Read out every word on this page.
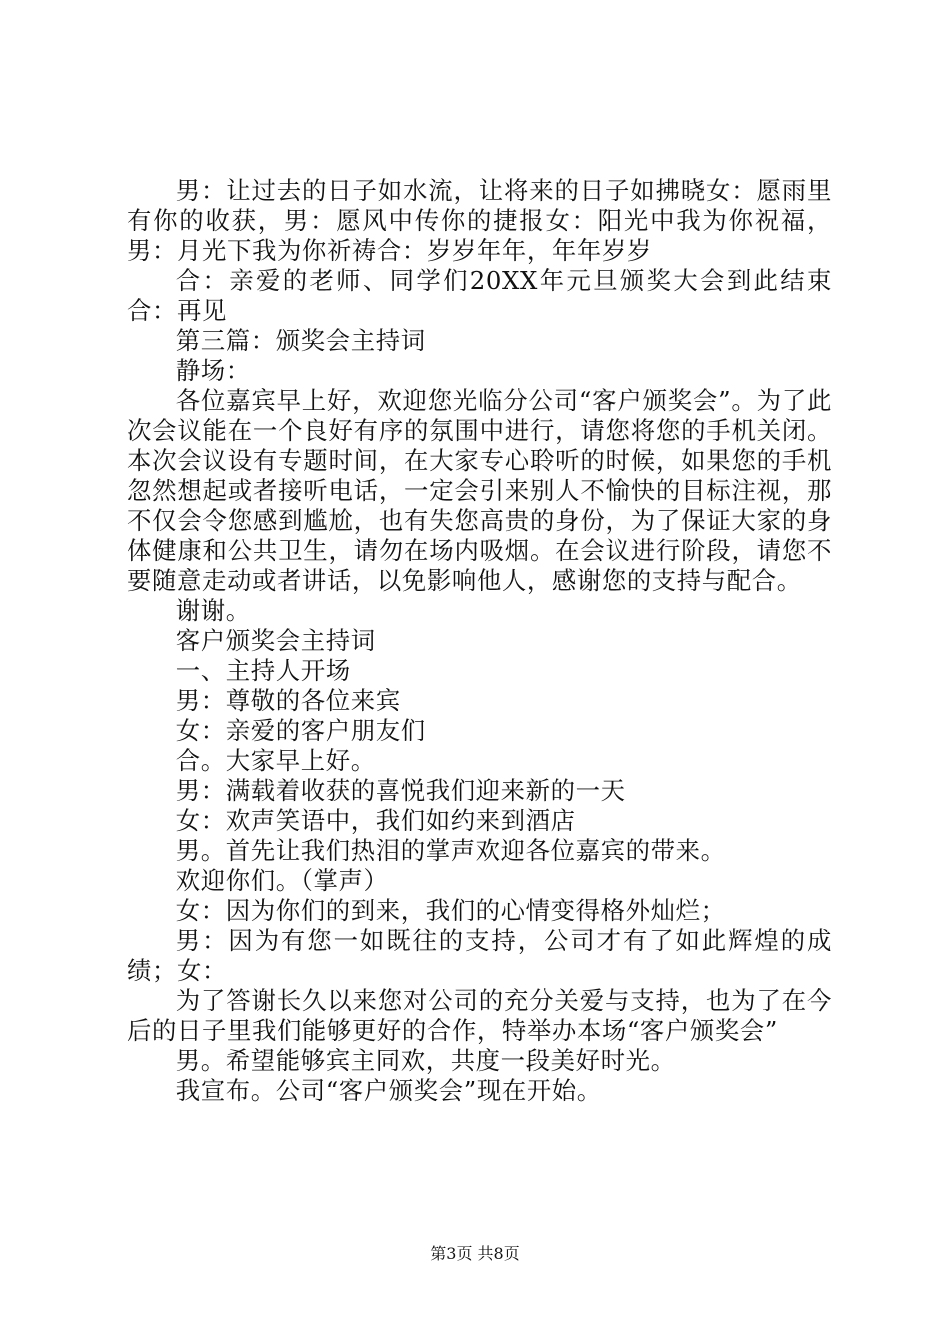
男：让过去的日子如水流，让将来的日子如拂晓女：愿雨里有你的收获，男：愿风中传你的捷报女：阳光中我为你祝福，男：月光下我为你祈祷合：岁岁年年，年年岁岁

合：亲爱的老师、同学们20XX年元旦颁奖大会到此结束合：再见

第三篇：颁奖会主持词

静场：

各位嘉宾早上好，欢迎您光临分公司“客户颁奖会”。为了此次会议能在一个良好有序的氛围中进行，请您将您的手机关闭。本次会议设有专题时间，在大家专心聆听的时候，如果您的手机忽然想起或者接听电话，一定会引来别人不愉快的目标注视，那不仅会令您感到尴尬，也有失您高贵的身份，为了保证大家的身体健康和公共卫生，请勿在场内吸烟。在会议进行阶段，请您不要随意走动或者讲话，以免影响他人，感谢您的支持与配合。

谢谢。

客户颁奖会主持词

一、主持人开场

男：尊敬的各位来宾

女：亲爱的客户朋友们

合。大家早上好。

男：满载着收获的喜悦我们迎来新的一天

女：欢声笑语中，我们如约来到酒店

男。首先让我们热泪的掌声欢迎各位嘉宾的带来。

欢迎你们。（掌声）

女：因为你们的到来，我们的心情变得格外灿烂；

男：因为有您一如既往的支持，公司才有了如此辉煌的成绩；女：

为了答谢长久以来您对公司的充分关爱与支持，也为了在今后的日子里我们能够更好的合作，特举办本场“客户颁奖会”

男。希望能够宾主同欢，共度一段美好时光。

我宣布。公司“客户颁奖会”现在开始。

第3页 共8页
